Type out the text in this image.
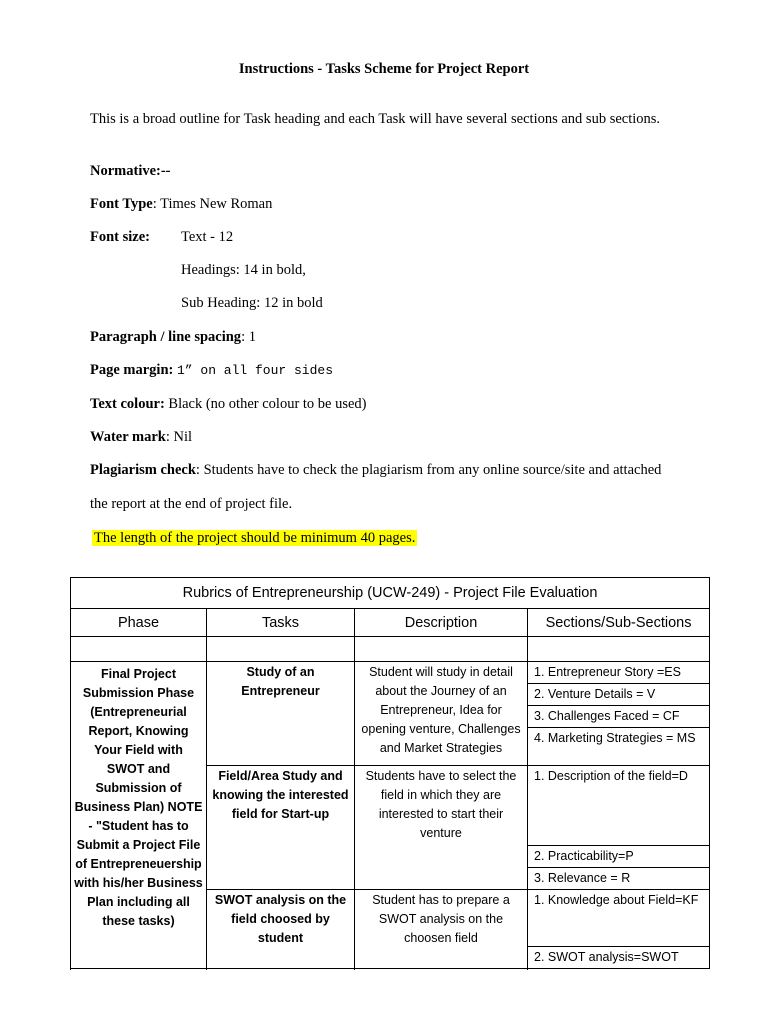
Instructions - Tasks Scheme for Project Report
This is a broad outline for Task heading and each Task will have several sections and sub sections.
Normative:--
Font Type: Times New Roman
Font size: Text - 12
Headings: 14 in bold,
Sub Heading: 12 in bold
Paragraph / line spacing: 1
Page margin: 1” on all four sides
Text colour: Black (no other colour to be used)
Water mark: Nil
Plagiarism check: Students have to check the plagiarism from any online source/site and attached
the report at the end of project file.
The length of the project should be minimum 40 pages.
Rubrics of Entrepreneurship (UCW-249) - Project File Evaluation			
Phase	Tasks	Description	Sections/Sub-Sections

Final Project Submission Phase (Entrepreneurial Report, Knowing Your Field with SWOT and Submission of Business Plan) NOTE - "Student has to Submit a Project File of Entrepreneuership with his/her Business Plan including all these tasks)	Study of an Entrepreneur	Student will study in detail about the Journey of an Entrepreneur, Idea for opening venture, Challenges and Market Strategies	1. Entrepreneur Story =ES
			2. Venture Details = V
			3. Challenges Faced = CF
			4. Marketing Strategies = MS
	Field/Area Study and knowing the interested field for Start-up	Students have to select the field in which they are interested to start their venture	1. Description of the field=D
			2. Practicability=P
			3. Relevance = R
	SWOT analysis on the field choosed by student	Student has to prepare a SWOT analysis on the choosen field	1. Knowledge about Field=KF
			2. SWOT analysis=SWOT
